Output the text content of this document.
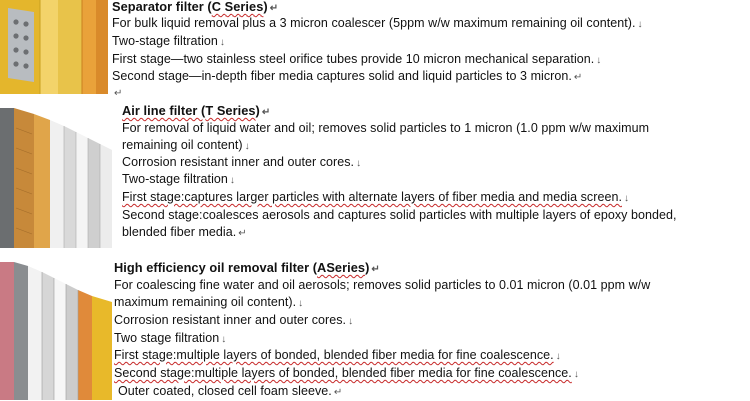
Separator filter (C Series) ↵
For bulk liquid removal plus a 3 micron coalescer (5ppm w/w maximum remaining oil content). ↓
Two-stage filtration ↓
First stage—two stainless steel orifice tubes provide 10 micron mechanical separation. ↓
Second stage—in-depth fiber media captures solid and liquid particles to 3 micron. ↵
↵
Air line filter (T Series) ↵
For removal of liquid water and oil; removes solid particles to 1 micron (1.0 ppm w/w maximum
remaining oil content) ↓
Corrosion resistant inner and outer cores. ↓
Two-stage filtration ↓
First stage:captures larger particles with alternate layers of fiber media and media screen. ↓
Second stage:coalesces aerosols and captures solid particles with multiple layers of epoxy bonded,
blended fiber media. ↵
High efficiency oil removal filter (ASeries) ↵
For coalescing fine water and oil aerosols; removes solid particles to 0.01 micron (0.01 ppm w/w
maximum remaining oil content). ↓
Corrosion resistant inner and outer cores. ↓
Two stage filtration ↓
First stage:multiple layers of bonded, blended fiber media for fine coalescence. ↓
Second stage:multiple layers of bonded, blended fiber media for fine coalescence. ↓
Outer coated, closed cell foam sleeve. ↵
